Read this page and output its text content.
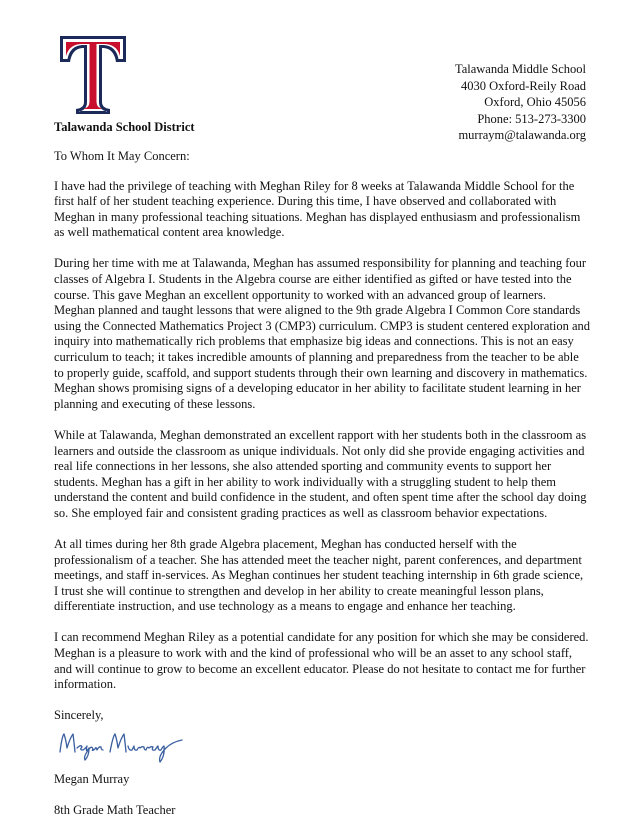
Talawanda School District
Talawanda Middle School
4030 Oxford-Reily Road
Oxford, Ohio 45056
Phone: 513-273-3300
murraym@talawanda.org

To Whom It May Concern:

I have had the privilege of teaching with Meghan Riley for 8 weeks at Talawanda Middle School for the first half of her student teaching experience. During this time, I have observed and collaborated with Meghan in many professional teaching situations. Meghan has displayed enthusiasm and professionalism as well mathematical content area knowledge.

During her time with me at Talawanda, Meghan has assumed responsibility for planning and teaching four classes of Algebra I. Students in the Algebra course are either identified as gifted or have tested into the course. This gave Meghan an excellent opportunity to worked with an advanced group of learners. Meghan planned and taught lessons that were aligned to the 9th grade Algebra I Common Core standards using the Connected Mathematics Project 3 (CMP3) curriculum. CMP3 is student centered exploration and inquiry into mathematically rich problems that emphasize big ideas and connections. This is not an easy curriculum to teach; it takes incredible amounts of planning and preparedness from the teacher to be able to properly guide, scaffold, and support students through their own learning and discovery in mathematics. Meghan shows promising signs of a developing educator in her ability to facilitate student learning in her planning and executing of these lessons.

While at Talawanda, Meghan demonstrated an excellent rapport with her students both in the classroom as learners and outside the classroom as unique individuals. Not only did she provide engaging activities and real life connections in her lessons, she also attended sporting and community events to support her students. Meghan has a gift in her ability to work individually with a struggling student to help them understand the content and build confidence in the student, and often spent time after the school day doing so. She employed fair and consistent grading practices as well as classroom behavior expectations.

At all times during her 8th grade Algebra placement, Meghan has conducted herself with the professionalism of a teacher. She has attended meet the teacher night, parent conferences, and department meetings, and staff in-services. As Meghan continues her student teaching internship in 6th grade science, I trust she will continue to strengthen and develop in her ability to create meaningful lesson plans, differentiate instruction, and use technology as a means to engage and enhance her teaching.

I can recommend Meghan Riley as a potential candidate for any position for which she may be considered. Meghan is a pleasure to work with and the kind of professional who will be an asset to any school staff, and will continue to grow to become an excellent educator. Please do not hesitate to contact me for further information.

Sincerely,

Megan Murray

8th Grade Math Teacher
